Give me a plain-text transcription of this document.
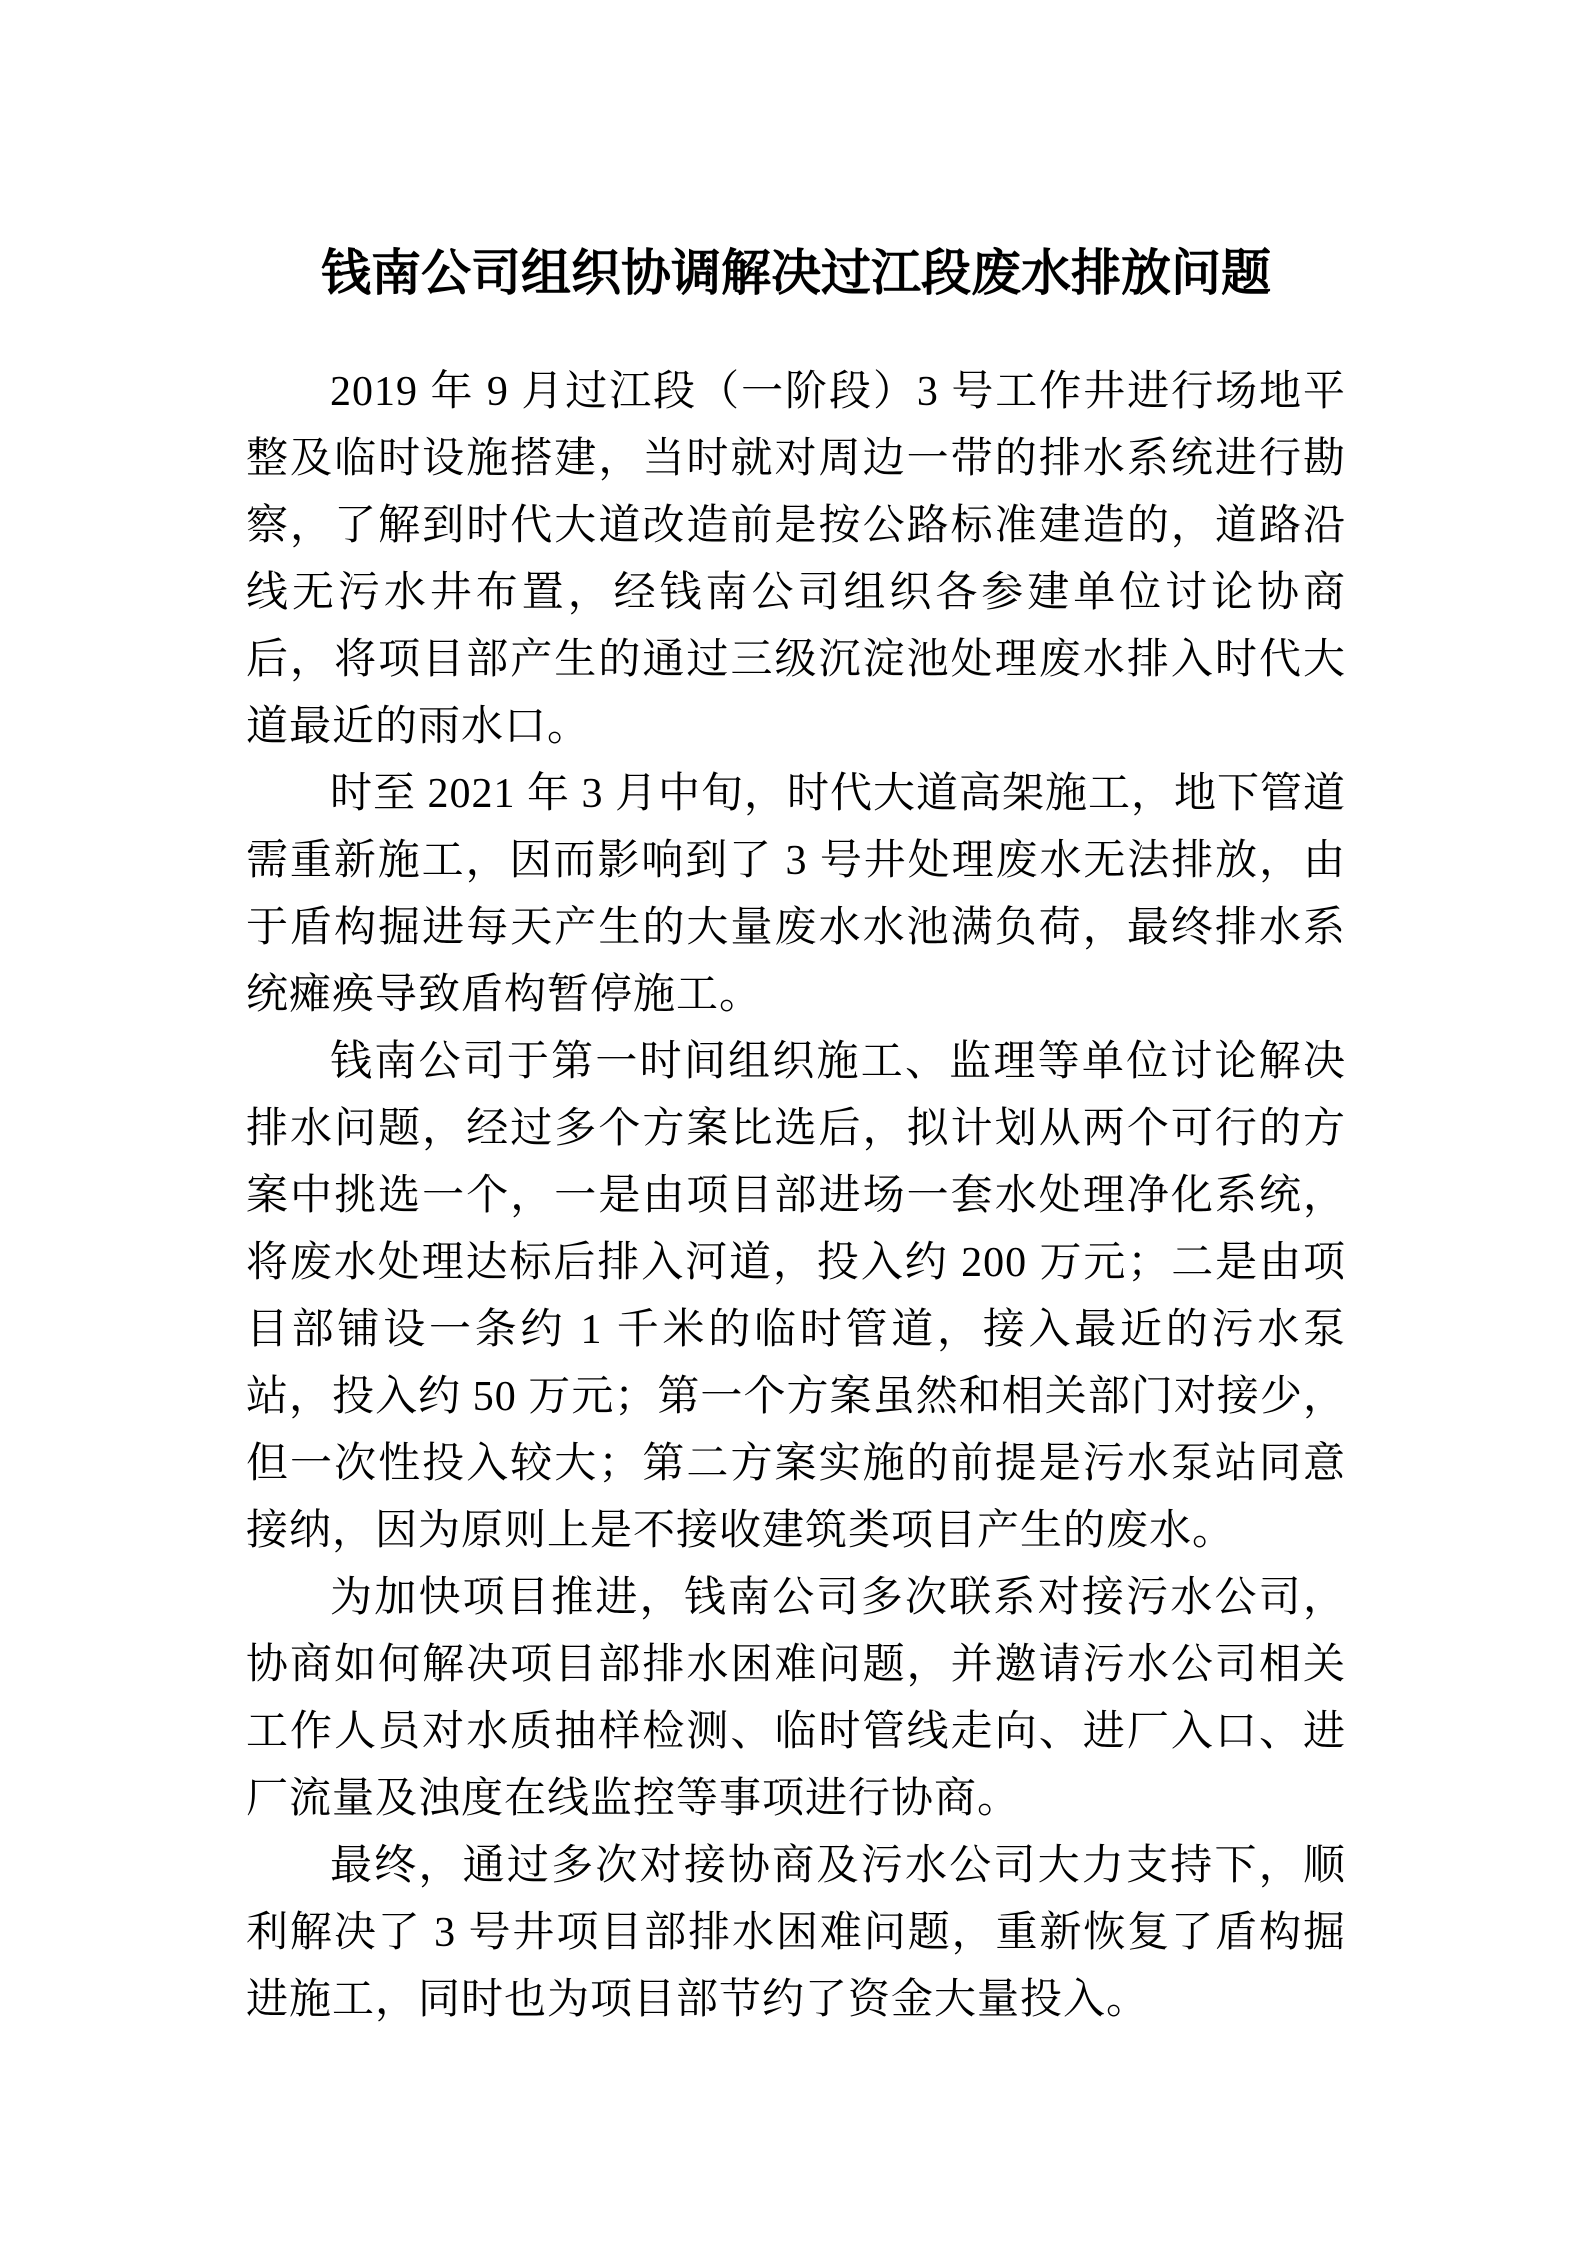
钱南公司组织协调解决过江段废水排放问题

2019 年 9 月过江段（一阶段）3 号工作井进行场地平整及临时设施搭建，当时就对周边一带的排水系统进行勘察，了解到时代大道改造前是按公路标准建造的，道路沿线无污水井布置，经钱南公司组织各参建单位讨论协商后，将项目部产生的通过三级沉淀池处理废水排入时代大道最近的雨水口。

时至 2021 年 3 月中旬，时代大道高架施工，地下管道需重新施工，因而影响到了 3 号井处理废水无法排放，由于盾构掘进每天产生的大量废水水池满负荷，最终排水系统瘫痪导致盾构暂停施工。

钱南公司于第一时间组织施工、监理等单位讨论解决排水问题，经过多个方案比选后，拟计划从两个可行的方案中挑选一个，一是由项目部进场一套水处理净化系统，将废水处理达标后排入河道，投入约 200 万元；二是由项目部铺设一条约 1 千米的临时管道，接入最近的污水泵站，投入约 50 万元；第一个方案虽然和相关部门对接少，但一次性投入较大；第二方案实施的前提是污水泵站同意接纳，因为原则上是不接收建筑类项目产生的废水。

为加快项目推进，钱南公司多次联系对接污水公司，协商如何解决项目部排水困难问题，并邀请污水公司相关工作人员对水质抽样检测、临时管线走向、进厂入口、进厂流量及浊度在线监控等事项进行协商。

最终，通过多次对接协商及污水公司大力支持下，顺利解决了 3 号井项目部排水困难问题，重新恢复了盾构掘进施工，同时也为项目部节约了资金大量投入。
